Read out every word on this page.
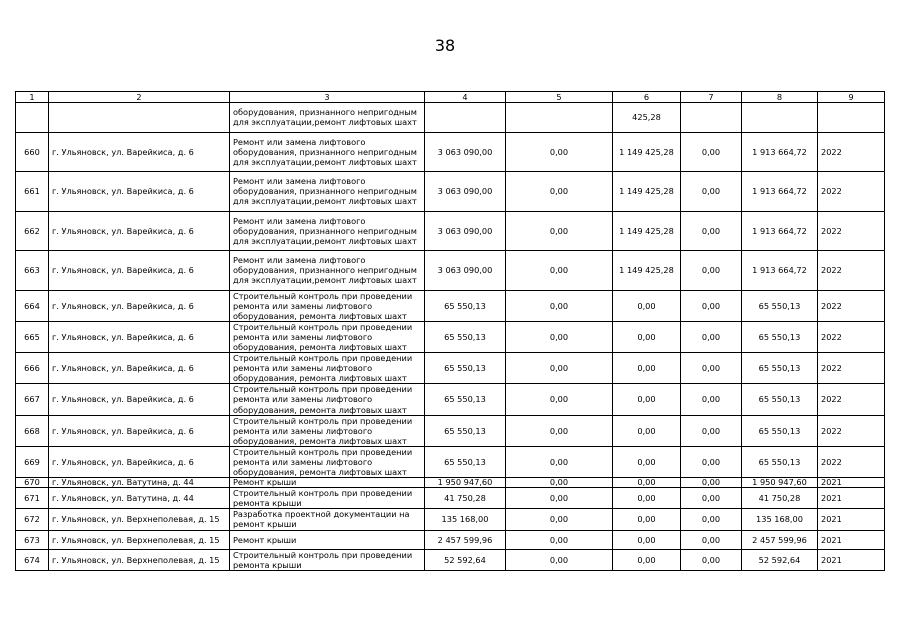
38
1	2	3	4	5	6	7	8	9
		оборудования, признанного непригодным для эксплуатации,ремонт лифтовых шахт			425,28			
660	г. Ульяновск, ул. Варейкиса, д. 6	Ремонт или замена лифтового оборудования, признанного непригодным для эксплуатации,ремонт лифтовых шахт	3 063 090,00	0,00	1 149 425,28	0,00	1 913 664,72	2022
661	г. Ульяновск, ул. Варейкиса, д. 6	Ремонт или замена лифтового оборудования, признанного непригодным для эксплуатации,ремонт лифтовых шахт	3 063 090,00	0,00	1 149 425,28	0,00	1 913 664,72	2022
662	г. Ульяновск, ул. Варейкиса, д. 6	Ремонт или замена лифтового оборудования, признанного непригодным для эксплуатации,ремонт лифтовых шахт	3 063 090,00	0,00	1 149 425,28	0,00	1 913 664,72	2022
663	г. Ульяновск, ул. Варейкиса, д. 6	Ремонт или замена лифтового оборудования, признанного непригодным для эксплуатации,ремонт лифтовых шахт	3 063 090,00	0,00	1 149 425,28	0,00	1 913 664,72	2022
664	г. Ульяновск, ул. Варейкиса, д. 6	Строительный контроль при проведении ремонта или замены лифтового оборудования, ремонта лифтовых шахт	65 550,13	0,00	0,00	0,00	65 550,13	2022
665	г. Ульяновск, ул. Варейкиса, д. 6	Строительный контроль при проведении ремонта или замены лифтового оборудования, ремонта лифтовых шахт	65 550,13	0,00	0,00	0,00	65 550,13	2022
666	г. Ульяновск, ул. Варейкиса, д. 6	Строительный контроль при проведении ремонта или замены лифтового оборудования, ремонта лифтовых шахт	65 550,13	0,00	0,00	0,00	65 550,13	2022
667	г. Ульяновск, ул. Варейкиса, д. 6	Строительный контроль при проведении ремонта или замены лифтового оборудования, ремонта лифтовых шахт	65 550,13	0,00	0,00	0,00	65 550,13	2022
668	г. Ульяновск, ул. Варейкиса, д. 6	Строительный контроль при проведении ремонта или замены лифтового оборудования, ремонта лифтовых шахт	65 550,13	0,00	0,00	0,00	65 550,13	2022
669	г. Ульяновск, ул. Варейкиса, д. 6	Строительный контроль при проведении ремонта или замены лифтового оборудования, ремонта лифтовых шахт	65 550,13	0,00	0,00	0,00	65 550,13	2022
670	г. Ульяновск, ул. Ватутина, д. 44	Ремонт крыши	1 950 947,60	0,00	0,00	0,00	1 950 947,60	2021
671	г. Ульяновск, ул. Ватутина, д. 44	Строительный контроль при проведении ремонта крыши	41 750,28	0,00	0,00	0,00	41 750,28	2021
672	г. Ульяновск, ул. Верхнеполевая, д. 15	Разработка проектной документации на ремонт крыши	135 168,00	0,00	0,00	0,00	135 168,00	2021
673	г. Ульяновск, ул. Верхнеполевая, д. 15	Ремонт крыши	2 457 599,96	0,00	0,00	0,00	2 457 599,96	2021
674	г. Ульяновск, ул. Верхнеполевая, д. 15	Строительный контроль при проведении ремонта крыши	52 592,64	0,00	0,00	0,00	52 592,64	2021
